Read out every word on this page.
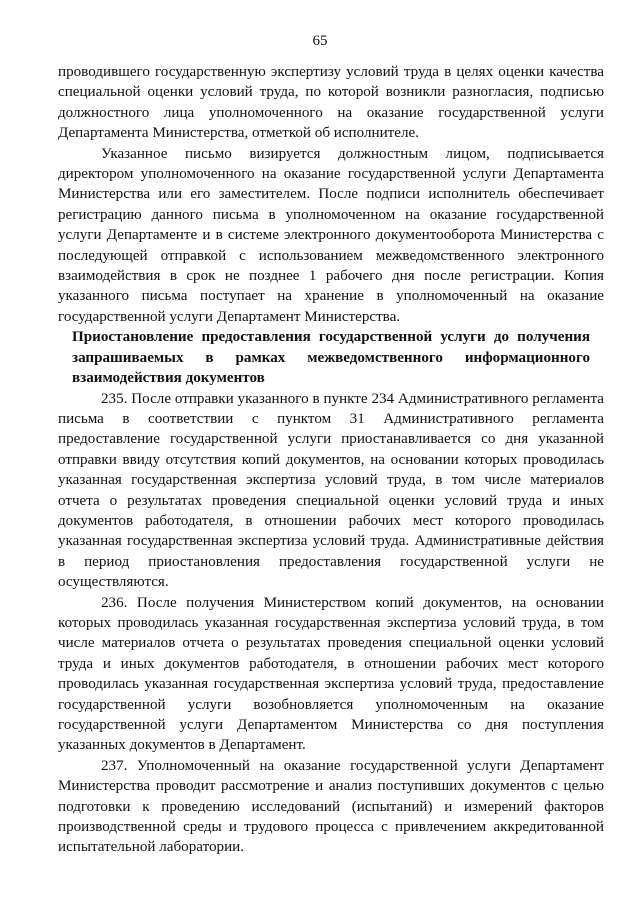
65

проводившего государственную экспертизу условий труда в целях оценки качества специальной оценки условий труда, по которой возникли разногласия, подписью должностного лица уполномоченного на оказание государственной услуги Департамента Министерства, отметкой об исполнителе.

Указанное письмо визируется должностным лицом, подписывается директором уполномоченного на оказание государственной услуги Департамента Министерства или его заместителем. После подписи исполнитель обеспечивает регистрацию данного письма в уполномоченном на оказание государственной услуги Департаменте и в системе электронного документооборота Министерства с последующей отправкой с использованием межведомственного электронного взаимодействия в срок не позднее 1 рабочего дня после регистрации. Копия указанного письма поступает на хранение в уполномоченный на оказание государственной услуги Департамент Министерства.

Приостановление предоставления государственной услуги до получения запрашиваемых в рамках межведомственного информационного взаимодействия документов

235. После отправки указанного в пункте 234 Административного регламента письма в соответствии с пунктом 31 Административного регламента предоставление государственной услуги приостанавливается со дня указанной отправки ввиду отсутствия копий документов, на основании которых проводилась указанная государственная экспертиза условий труда, в том числе материалов отчета о результатах проведения специальной оценки условий труда и иных документов работодателя, в отношении рабочих мест которого проводилась указанная государственная экспертиза условий труда. Административные действия в период приостановления предоставления государственной услуги не осуществляются.

236. После получения Министерством копий документов, на основании которых проводилась указанная государственная экспертиза условий труда, в том числе материалов отчета о результатах проведения специальной оценки условий труда и иных документов работодателя, в отношении рабочих мест которого проводилась указанная государственная экспертиза условий труда, предоставление государственной услуги возобновляется уполномоченным на оказание государственной услуги Департаментом Министерства со дня поступления указанных документов в Департамент.

237. Уполномоченный на оказание государственной услуги Департамент Министерства проводит рассмотрение и анализ поступивших документов с целью подготовки к проведению исследований (испытаний) и измерений факторов производственной среды и трудового процесса с привлечением аккредитованной испытательной лаборатории.
